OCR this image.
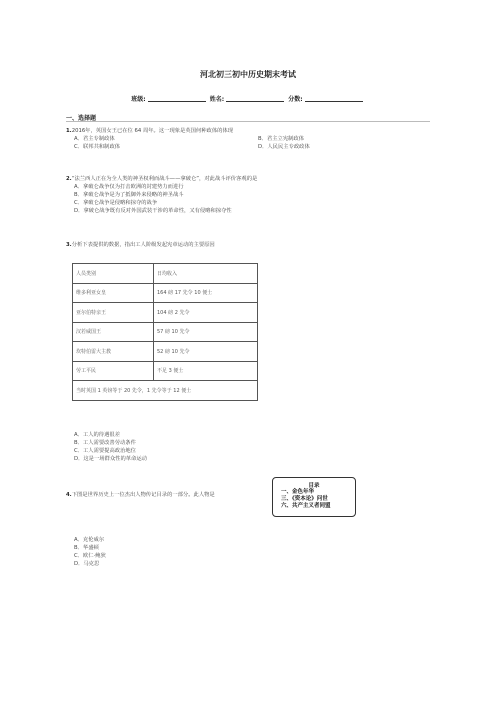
河北初三初中历史期末考试
班级:	姓名:	分数:
一、选择题
1.2016年，英国女王已在位 64 周年。这一现象是英国何种政体的体现
A．君主专制政体	B．君主立宪制政体
C．联邦共和制政体	D．人民民主专政政体
2.“法兰西人正在为全人类的神圣权利而战斗——拿破仑”，对此战斗评价客观的是
A．拿破仑战争仅为打击欧洲的封建势力而进行
B．拿破仑战争是为了抵御外来侵略的神圣战斗
C．拿破仑战争是侵略和掠夺的战争
D．拿破仑战争既有反对外国武装干涉的革命性，又有侵略和掠夺性
3.分析下表提供的数据，指出工人阶级发起宪章运动的主要原因
人员类别	日均收入
维多利亚女皇	164 磅 17 先令 10 便士
亚尔伯特亲王	104 磅 2 先令
汉若威国王	57 磅 10 先令
坎特伯雷大主教	52 磅 10 先令
劳工平民	不足 3 便士
当时英国 1 英镑等于 20 先令，1 先令等于 12 便士	
A．工人的待遇很差
B．工人需要改善劳动条件
C．工人需要提高政治地位
D．这是一场群众性的革命运动
4.下图是世界历史上一位杰出人物传记目录的一部分。此人物是
目录
一、金色年华
三、《资本论》问世
六、共产主义者同盟
A．克伦威尔
B．华盛顿
C．欧仁·鲍狄
D．马克思
